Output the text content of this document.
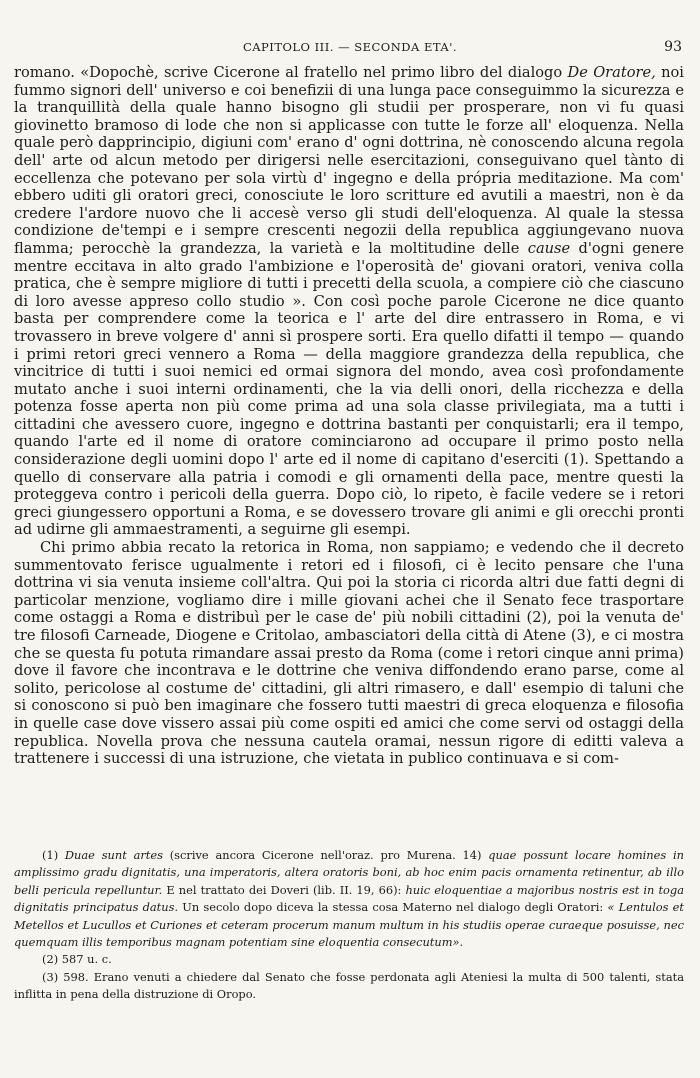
CAPITOLO III. — SECONDA ETA'.	93

romano. «Dopochè, scrive Cicerone al fratello nel primo libro del dialogo De Oratore, noi fummo signori dell' universo e coi benefizii di una lunga pace conseguimmo la sicurezza e la tranquillità della quale hanno bisogno gli studii per prosperare, non vi fu quasi giovinetto bramoso di lode che non si applicasse con tutte le forze all' eloquenza. Nella quale però dapprincipio, digiuni com' erano d' ogni dottrina, nè conoscendo alcuna regola dell' arte od alcun metodo per dirigersi nelle esercitazioni, conseguivano quel tànto di eccellenza che potevano per sola virtù d' ingegno e della própria meditazione. Ma com' ebbero uditi gli oratori greci, conosciute le loro scritture ed avutili a maestri, non è da credere l'ardore nuovo che li accesè verso gli studi dell'eloquenza. Al quale la stessa condizione de'tempi e i sempre crescenti negozii della republica aggiungevano nuova flamma; perocchè la grandezza, la varietà e la moltitudine delle cause d'ogni genere mentre eccitava in alto grado l'ambizione e l'operosità de' giovani oratori, veniva colla pratica, che è sempre migliore di tutti i precetti della scuola, a compiere ciò che ciascuno di loro avesse appreso collo studio ». Con così poche parole Cicerone ne dice quanto basta per comprendere come la teorica e l' arte del dire entrassero in Roma, e vi trovassero in breve volgere d' anni sì prospere sorti. Era quello difatti il tempo — quando i primi retori greci vennero a Roma — della maggiore grandezza della republica, che vincitrice di tutti i suoi nemici ed ormai signora del mondo, avea così profondamente mutato anche i suoi interni ordinamenti, che la via delli onori, della ricchezza e della potenza fosse aperta non più come prima ad una sola classe privilegiata, ma a tutti i cittadini che avessero cuore, ingegno e dottrina bastanti per conquistarli; era il tempo, quando l'arte ed il nome di oratore cominciarono ad occupare il primo posto nella considerazione degli uomini dopo l' arte ed il nome di capitano d'eserciti (1). Spettando a quello di conservare alla patria i comodi e gli ornamenti della pace, mentre questi la proteggeva contro i pericoli della guerra. Dopo ciò, lo ripeto, è facile vedere se i retori greci giungessero opportuni a Roma, e se dovessero trovare gli animi e gli orecchi pronti ad udirne gli ammaestramenti, a seguirne gli esempi.

Chi primo abbia recato la retorica in Roma, non sappiamo; e vedendo che il decreto summentovato ferisce ugualmente i retori ed i filosofi, ci è lecito pensare che l'una dottrina vi sia venuta insieme coll'altra. Qui poi la storia ci ricorda altri due fatti degni di particolar menzione, vogliamo dire i mille giovani achei che il Senato fece trasportare come ostaggi a Roma e distribuì per le case de' più nobili cittadini (2), poi la venuta de' tre filosofi Carneade, Diogene e Critolao, ambasciatori della città di Atene (3), e ci mostra che se questa fu potuta rimandare assai presto da Roma (come i retori cinque anni prima) dove il favore che incontrava e le dottrine che veniva diffondendo erano parse, come al solito, pericolose al costume de' cittadini, gli altri rimasero, e dall' esempio di taluni che si conoscono si può ben imaginare che fossero tutti maestri di greca eloquenza e filosofia in quelle case dove vissero assai più come ospiti ed amici che come servi od ostaggi della republica. Novella prova che nessuna cautela oramai, nessun rigore di editti valeva a trattenere i successi di una istruzione, che vietata in publico continuava e si com-

(1) Duae sunt artes (scrive ancora Cicerone nell'oraz. pro Murena. 14) quae possunt locare homines in amplissimo gradu dignitatis, una imperatoris, altera oratoris boni, ab hoc enim pacis ornamenta retinentur, ab illo belli pericula repelluntur. E nel trattato dei Doveri (lib. II. 19, 66): huic eloquentiae a majoribus nostris est in toga dignitatis principatus datus. Un secolo dopo diceva la stessa cosa Materno nel dialogo degli Oratori: « Lentulos et Metellos et Lucullos et Curiones et ceteram procerum manum multum in his studiis operae curaeque posuisse, nec quemquam illis temporibus magnam potentiam sine eloquentia consecutum».

(2) 587 u. c.

(3) 598. Erano venuti a chiedere dal Senato che fosse perdonata agli Ateniesi la multa di 500 talenti, stata inflitta in pena della distruzione di Oropo.
